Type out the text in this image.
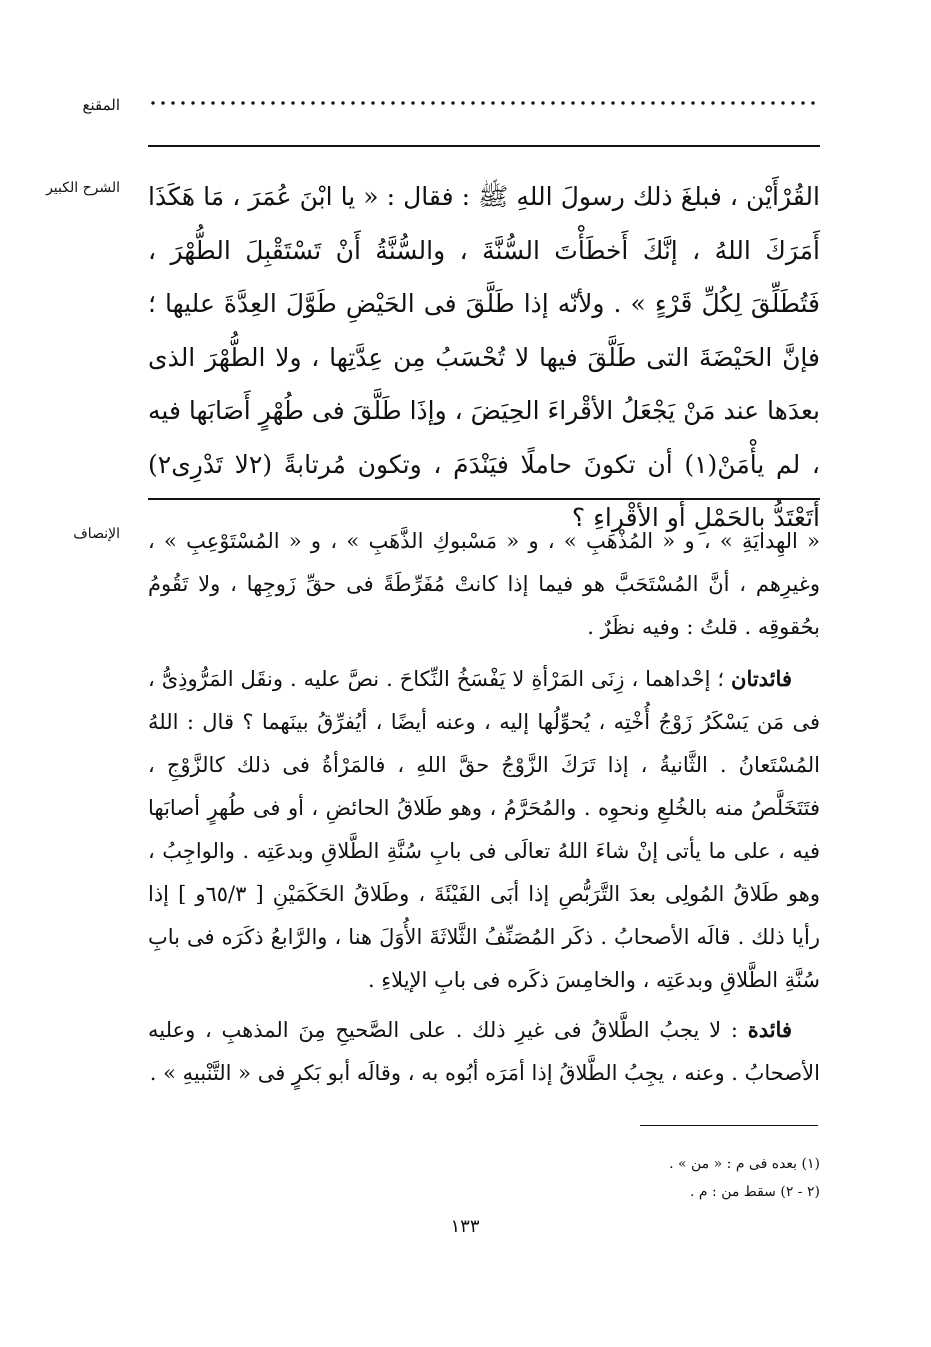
المقنع
الشرح الكبير القُرْأَيْن ، فبلغَ ذلك رسولَ اللهِ ﷺ : فقال : « يا ابْنَ عُمَرَ ، مَا هَكَذَا أَمَرَكَ اللهُ ، إنَّكَ أَخطَأْتَ السُّنَّةَ ، والسُّنَّةُ أَنْ تَسْتَقْبِلَ الطُّهْرَ ، فَتُطَلِّقَ لِكُلِّ قَرْءٍ » . ولأنّه إذا طَلَّقَ فى الحَيْضِ طَوَّلَ العِدَّةَ عليها ؛ فإنَّ الحَيْضَةَ التى طَلَّقَ فيها لا تُحْسَبُ مِن عِدَّتِها ، ولا الطُّهْرَ الذى بعدَها عند مَنْ يَجْعَلُ الأقْراءَ الحِيَضَ ، وإذَا طَلَّقَ فى طُهْرٍ أَصَابَها فيه ، لم يأْمَنْ(١) أن تكونَ حاملًا فيَنْدَمَ ، وتكون مُرتابةً (٢لا تَدْرِى٢) أتَعْتَدُّ بالحَمْلِ أو الأقْراءِ ؟

الإنصاف « الهِدايَةِ » ، و « المُذْهَبِ » ، و « مَسْبوكِ الذَّهَبِ » ، و « المُسْتَوْعِبِ » ، وغيرِهم ، أنَّ المُسْتَحَبَّ هو فيما إذا كانتْ مُفَرِّطَةً فى حقِّ زَوجِها ، ولا تَقُومُ بحُقوقِه . قلتُ : وفيه نظَرٌ .

فائدتان ؛ إحْداهما ، زِنَى المَرْأةِ لا يَفْسَخُ النِّكاحَ . نصَّ عليه . ونقَل المَرُّوذِىُّ ، فى مَن يَسْكَرُ زَوْجُ أُخْتِه ، يُحوِّلُها إليه ، وعنه أيضًا ، أيُفرِّقُ بينَهما ؟ قال : اللهُ المُسْتَعانُ . الثَّانيةُ ، إذا تَرَكَ الزَّوْجُ حقَّ اللهِ ، فالمَرْأةُ فى ذلك كالزَّوْجِ ، فتَتَخَلَّصُ منه بالخُلعِ ونحوِه . والمُحَرَّمُ ، وهو طَلاقُ الحائضِ ، أو فى طُهرٍ أصابَها فيه ، على ما يأتى إنْ شاءَ اللهُ تعالَى فى بابِ سُنَّةِ الطَّلاقِ وبدعَتِه . والواجِبُ ، وهو طَلاقُ المُولِى بعدَ التَّرَبُّصِ إذا أبَى الفَيْئَةَ ، وطَلاقُ الحَكَمَيْنِ [ ٦٥/٣و ] إذا رأيا ذلك . قالَه الأصحابُ . ذكَر المُصَنِّفُ الثَّلاثَةَ الأُوَلَ هنا ، والرَّابعُ ذكَرَه فى بابِ سُنَّةِ الطَّلاقِ وبدعَتِه ، والخامِسَ ذكَره فى بابِ الإيلاءِ .

فائدة : لا يجبُ الطَّلاقُ فى غيرِ ذلك . على الصَّحيحِ مِنَ المذهبِ ، وعليه الأصحابُ . وعنه ، يجِبُ الطَّلاقُ إذا أمَرَه أبُوه به ، وقالَه أبو بَكرٍ فى « التَّنْبيهِ » .

(١) بعده فى م : « من » .
(٢ - ٢) سقط من : م .
١٣٣
